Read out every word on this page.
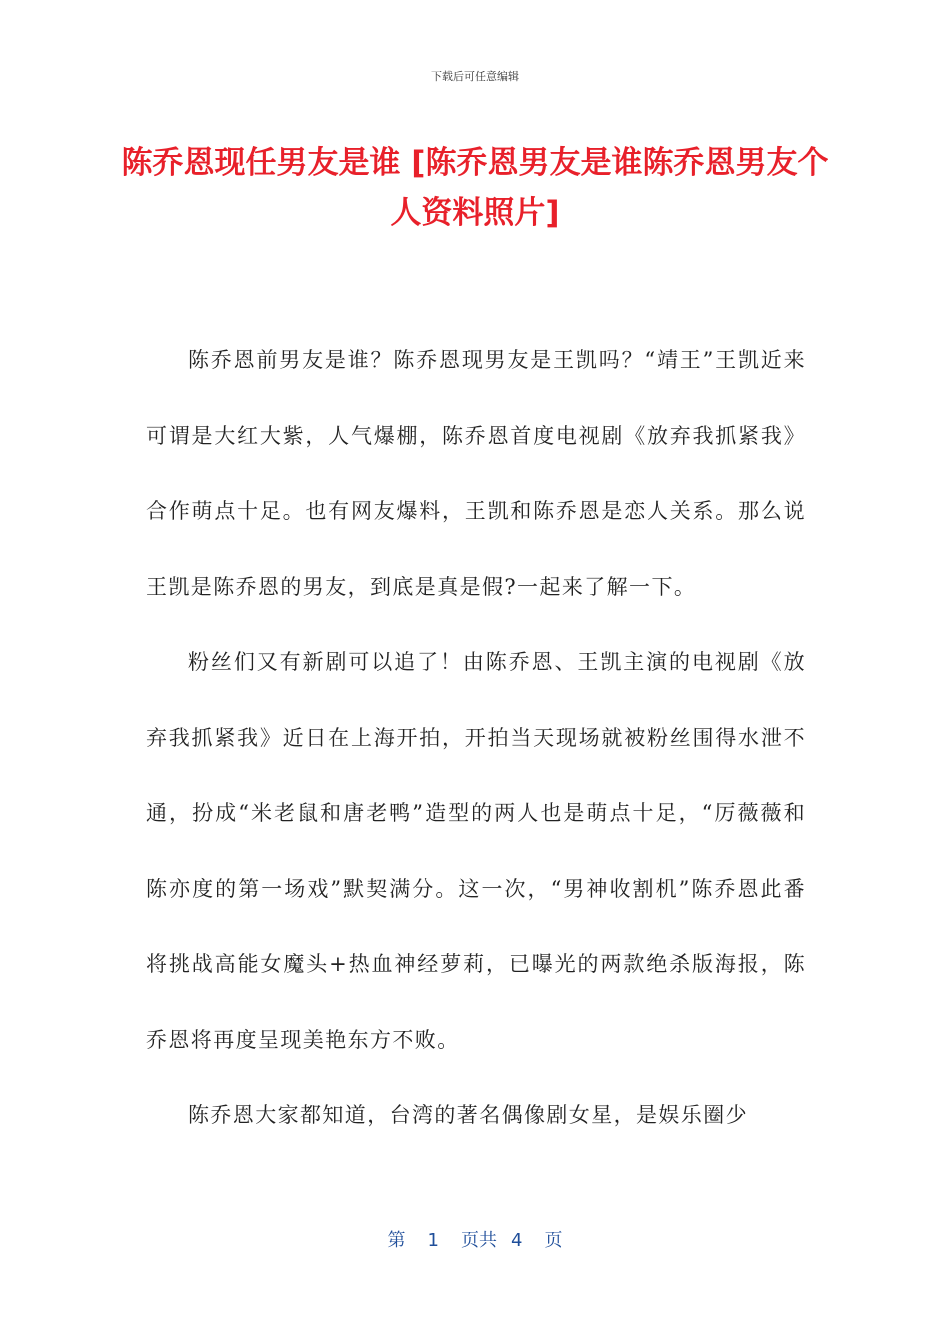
下载后可任意编辑
陈乔恩现任男友是谁 [陈乔恩男友是谁陈乔恩男友个人资料照片]

陈乔恩前男友是谁？陈乔恩现男友是王凯吗？“靖王”王凯近来可谓是大红大紫，人气爆棚，陈乔恩首度电视剧《放弃我抓紧我》合作萌点十足。也有网友爆料，王凯和陈乔恩是恋人关系。那么说王凯是陈乔恩的男友，到底是真是假?一起来了解一下。

粉丝们又有新剧可以追了！由陈乔恩、王凯主演的电视剧《放弃我抓紧我》近日在上海开拍，开拍当天现场就被粉丝围得水泄不通，扮成“米老鼠和唐老鸭”造型的两人也是萌点十足，“厉薇薇和陈亦度的第一场戏”默契满分。这一次，“男神收割机”陈乔恩此番将挑战高能女魔头+热血神经萝莉，已曝光的两款绝杀版海报，陈乔恩将再度呈现美艳东方不败。

陈乔恩大家都知道，台湾的著名偶像剧女星，是娱乐圈少

第 1 页共 4 页
